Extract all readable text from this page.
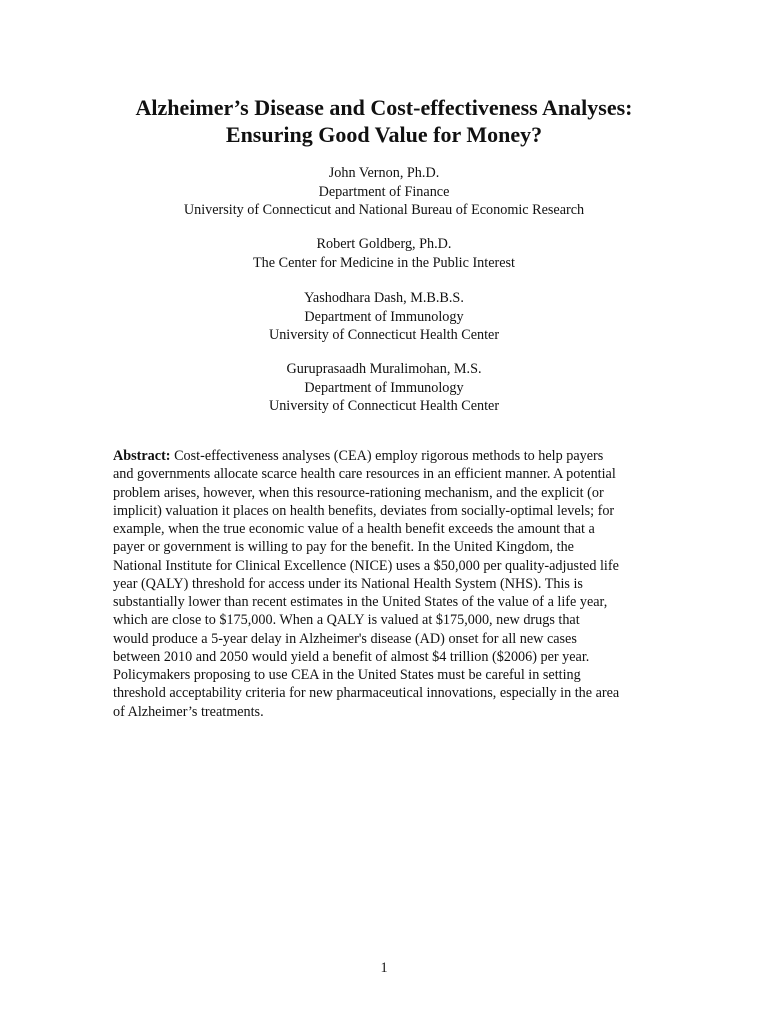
Alzheimer’s Disease and Cost-effectiveness Analyses:
Ensuring Good Value for Money?
John Vernon, Ph.D.
Department of Finance
University of Connecticut and National Bureau of Economic Research
Robert Goldberg, Ph.D.
The Center for Medicine in the Public Interest
Yashodhara Dash, M.B.B.S.
Department of Immunology
University of Connecticut Health Center
Guruprasaadh Muralimohan, M.S.
Department of Immunology
University of Connecticut Health Center

Abstract: Cost-effectiveness analyses (CEA) employ rigorous methods to help payers
and governments allocate scarce health care resources in an efficient manner. A potential
problem arises, however, when this resource-rationing mechanism, and the explicit (or
implicit) valuation it places on health benefits, deviates from socially-optimal levels; for
example, when the true economic value of a health benefit exceeds the amount that a
payer or government is willing to pay for the benefit. In the United Kingdom, the
National Institute for Clinical Excellence (NICE) uses a $50,000 per quality-adjusted life
year (QALY) threshold for access under its National Health System (NHS). This is
substantially lower than recent estimates in the United States of the value of a life year,
which are close to $175,000. When a QALY is valued at $175,000, new drugs that
would produce a 5-year delay in Alzheimer's disease (AD) onset for all new cases
between 2010 and 2050 would yield a benefit of almost $4 trillion ($2006) per year.
Policymakers proposing to use CEA in the United States must be careful in setting
threshold acceptability criteria for new pharmaceutical innovations, especially in the area
of Alzheimer’s treatments.

1
